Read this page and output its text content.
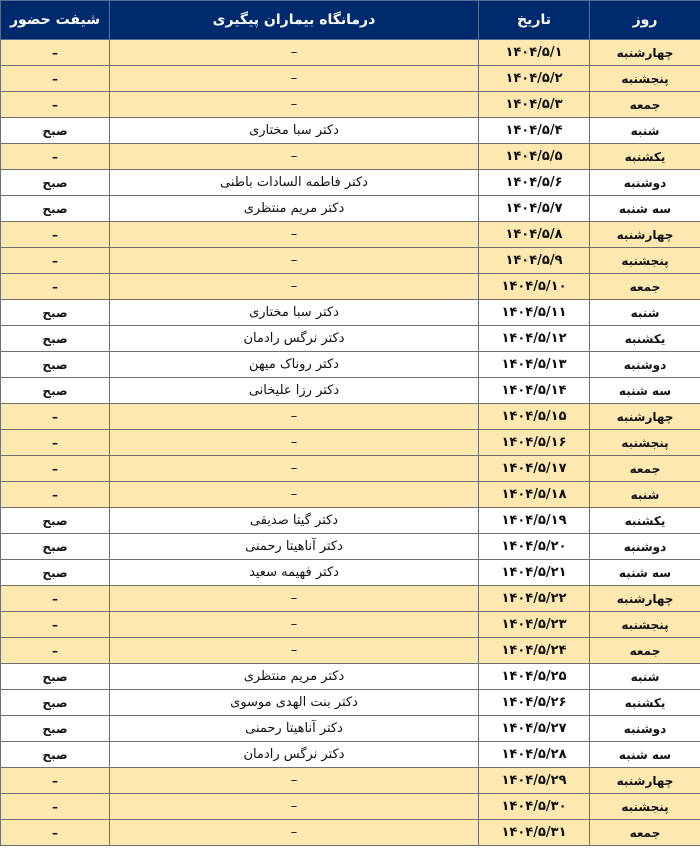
روز	تاریخ	درمانگاه بیماران پیگیری	شیفت حضور
چهارشنبه	۱۴۰۴/۵/۱	–	–
پنجشنبه	۱۴۰۴/۵/۲	–	–
جمعه	۱۴۰۴/۵/۳	–	–
شنبه	۱۴۰۴/۵/۴	دکتر سبا مختاری	صبح
یکشنبه	۱۴۰۴/۵/۵	–	–
دوشنبه	۱۴۰۴/۵/۶	دکتر فاطمه السادات باطنی	صبح
سه شنبه	۱۴۰۴/۵/۷	دکتر مریم منتظری	صبح
چهارشنبه	۱۴۰۴/۵/۸	–	–
پنجشنبه	۱۴۰۴/۵/۹	–	–
جمعه	۱۴۰۴/۵/۱۰	–	–
شنبه	۱۴۰۴/۵/۱۱	دکتر سبا مختاری	صبح
یکشنبه	۱۴۰۴/۵/۱۲	دکتر نرگس رادمان	صبح
دوشنبه	۱۴۰۴/۵/۱۳	دکتر روناک میهن	صبح
سه شنبه	۱۴۰۴/۵/۱۴	دکتر رزا علیخانی	صبح
چهارشنبه	۱۴۰۴/۵/۱۵	–	–
پنجشنبه	۱۴۰۴/۵/۱۶	–	–
جمعه	۱۴۰۴/۵/۱۷	–	–
شنبه	۱۴۰۴/۵/۱۸	–	–
یکشنبه	۱۴۰۴/۵/۱۹	دکتر گیتا صدیقی	صبح
دوشنبه	۱۴۰۴/۵/۲۰	دکتر آناهیتا رحمنی	صبح
سه شنبه	۱۴۰۴/۵/۲۱	دکتر فهیمه سعید	صبح
چهارشنبه	۱۴۰۴/۵/۲۲	–	–
پنجشنبه	۱۴۰۴/۵/۲۳	–	–
جمعه	۱۴۰۴/۵/۲۴	–	–
شنبه	۱۴۰۴/۵/۲۵	دکتر مریم منتظری	صبح
یکشنبه	۱۴۰۴/۵/۲۶	دکتر بنت الهدی موسوی	صبح
دوشنبه	۱۴۰۴/۵/۲۷	دکتر آناهیتا رحمنی	صبح
سه شنبه	۱۴۰۴/۵/۲۸	دکتر نرگس رادمان	صبح
چهارشنبه	۱۴۰۴/۵/۲۹	–	–
پنجشنبه	۱۴۰۴/۵/۳۰	–	–
جمعه	۱۴۰۴/۵/۳۱	–	–
